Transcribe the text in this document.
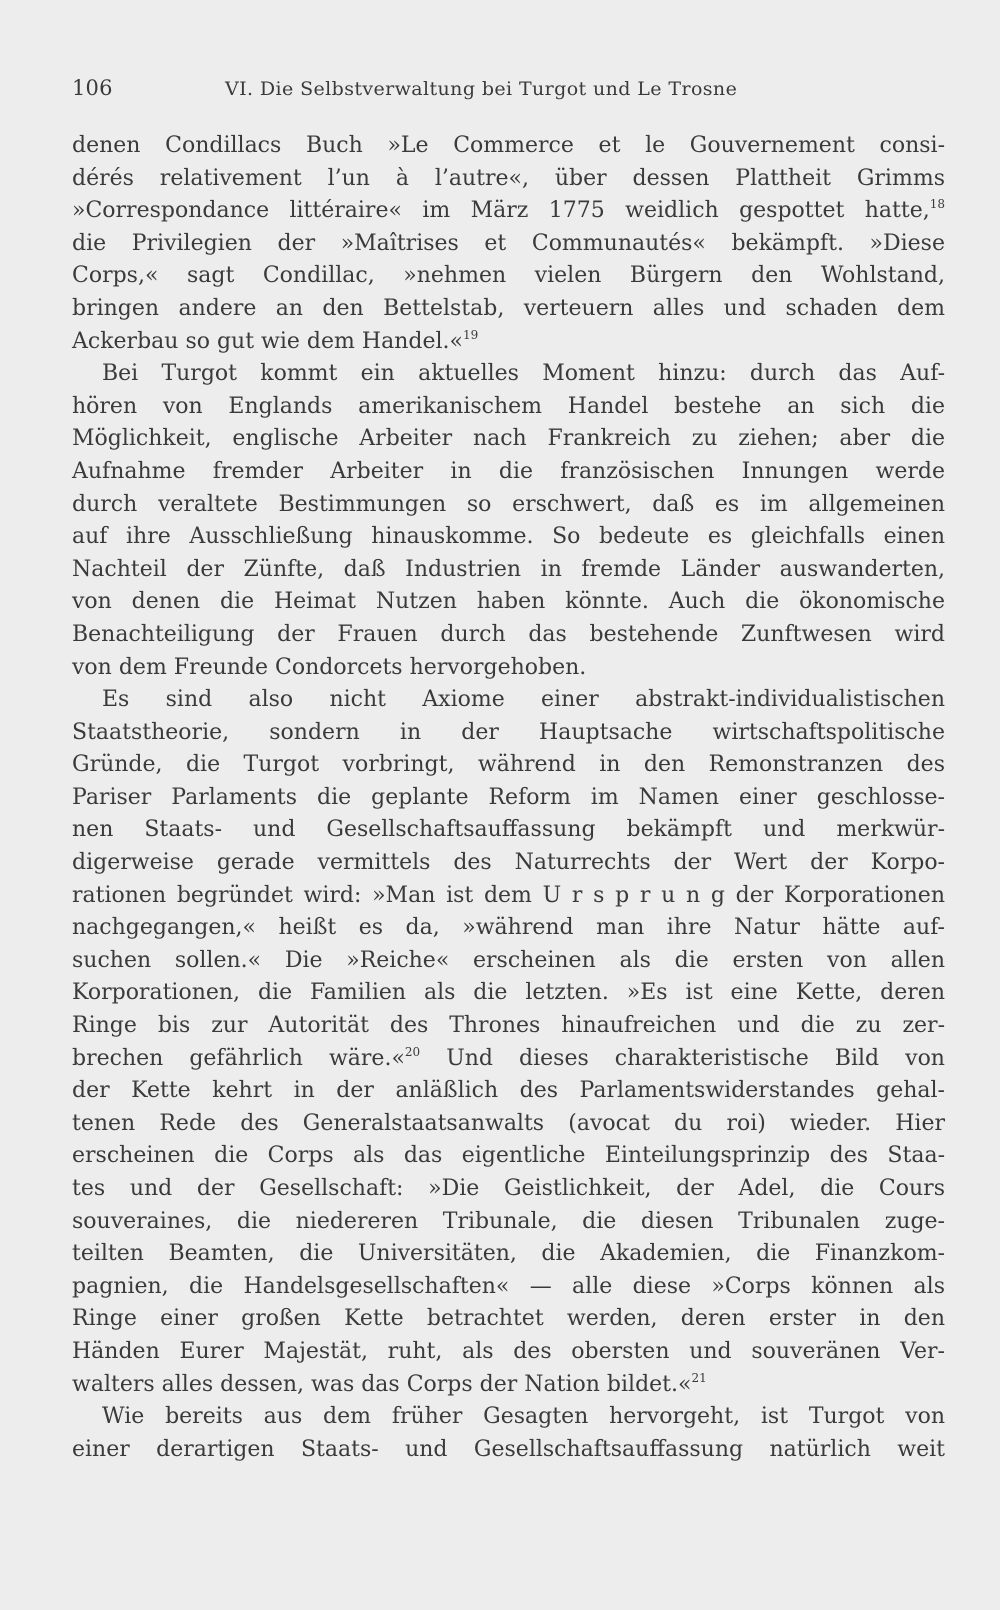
106	VI. Die Selbstverwaltung bei Turgot und Le Trosne
denen Condillacs Buch »Le Commerce et le Gouvernement consi-
dérés relativement l’un à l’autre«, über dessen Plattheit Grimms
»Correspondance littéraire« im März 1775 weidlich gespottet hatte,$^{18}$
die Privilegien der »Maîtrises et Communautés« bekämpft. »Diese
Corps,« sagt Condillac, »nehmen vielen Bürgern den Wohlstand,
bringen andere an den Bettelstab, verteuern alles und schaden dem
Ackerbau so gut wie dem Handel.«$^{19}$
Bei Turgot kommt ein aktuelles Moment hinzu: durch das Auf-
hören von Englands amerikanischem Handel bestehe an sich die
Möglichkeit, englische Arbeiter nach Frankreich zu ziehen; aber die
Aufnahme fremder Arbeiter in die französischen Innungen werde
durch veraltete Bestimmungen so erschwert, daß es im allgemeinen
auf ihre Ausschließung hinauskomme. So bedeute es gleichfalls einen
Nachteil der Zünfte, daß Industrien in fremde Länder auswanderten,
von denen die Heimat Nutzen haben könnte. Auch die ökonomische
Benachteiligung der Frauen durch das bestehende Zunftwesen wird
von dem Freunde Condorcets hervorgehoben.
Es sind also nicht Axiome einer abstrakt-individualistischen
Staatstheorie, sondern in der Hauptsache wirtschaftspolitische
Gründe, die Turgot vorbringt, während in den Remonstranzen des
Pariser Parlaments die geplante Reform im Namen einer geschlosse-
nen Staats- und Gesellschaftsauffassung bekämpft und merkwür-
digerweise gerade vermittels des Naturrechts der Wert der Korpo-
rationen begründet wird: »Man ist dem U r s p r u n g der Korporationen
nachgegangen,« heißt es da, »während man ihre Natur hätte auf-
suchen sollen.« Die »Reiche« erscheinen als die ersten von allen
Korporationen, die Familien als die letzten. »Es ist eine Kette, deren
Ringe bis zur Autorität des Thrones hinaufreichen und die zu zer-
brechen gefährlich wäre.«$^{20}$ Und dieses charakteristische Bild von
der Kette kehrt in der anläßlich des Parlamentswiderstandes gehal-
tenen Rede des Generalstaatsanwalts (avocat du roi) wieder. Hier
erscheinen die Corps als das eigentliche Einteilungsprinzip des Staa-
tes und der Gesellschaft: »Die Geistlichkeit, der Adel, die Cours
souveraines, die niedereren Tribunale, die diesen Tribunalen zuge-
teilten Beamten, die Universitäten, die Akademien, die Finanzkom-
pagnien, die Handelsgesellschaften« — alle diese »Corps können als
Ringe einer großen Kette betrachtet werden, deren erster in den
Händen Eurer Majestät, ruht, als des obersten und souveränen Ver-
walters alles dessen, was das Corps der Nation bildet.«$^{21}$
Wie bereits aus dem früher Gesagten hervorgeht, ist Turgot von
einer derartigen Staats- und Gesellschaftsauffassung natürlich weit
